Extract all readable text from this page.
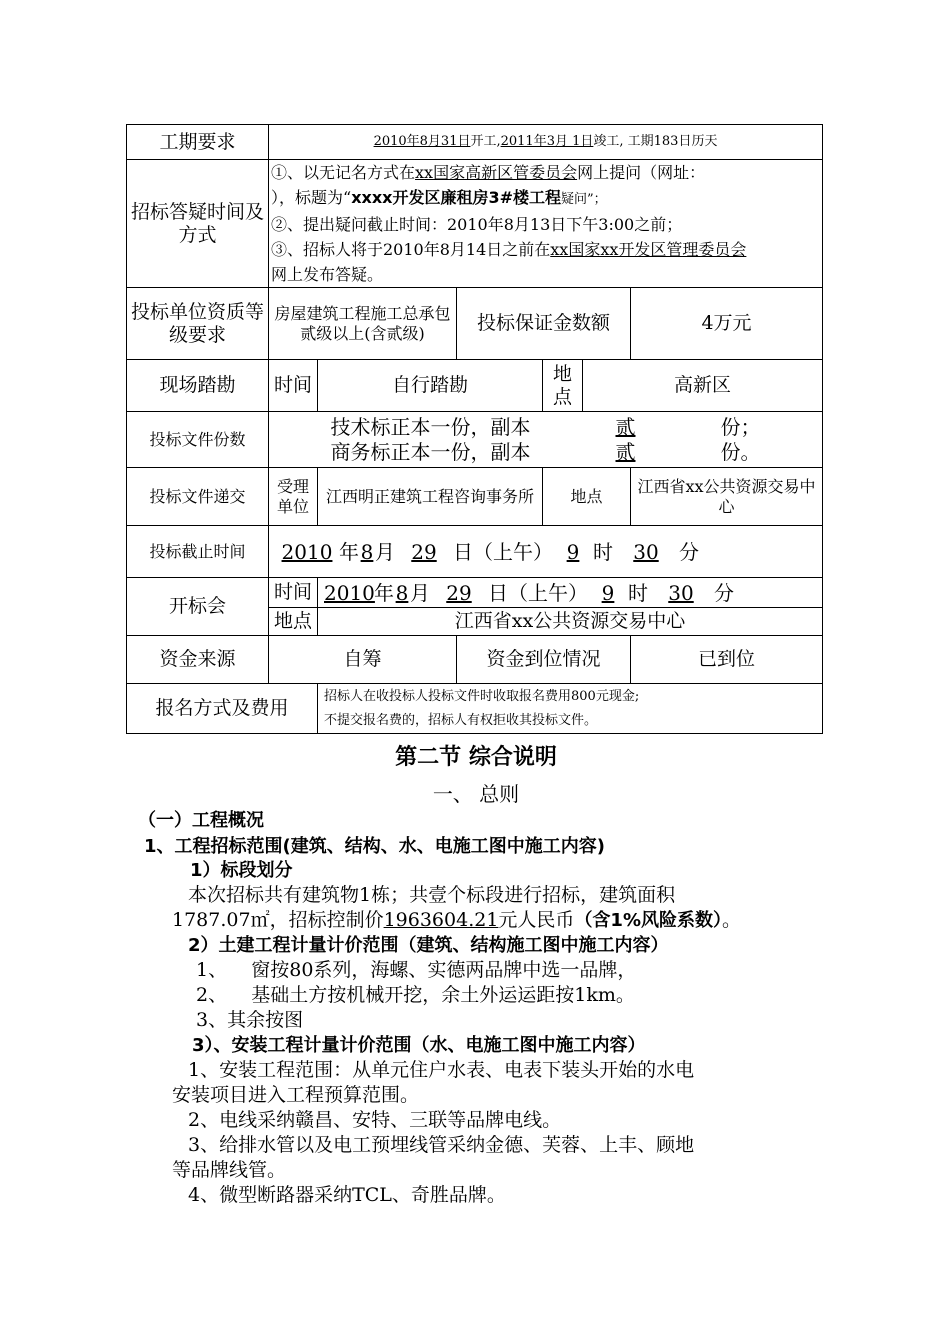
工期要求	2010年8月31日开工,2011年3月 1日竣工, 工期183日历天					
招标答疑时间及方式	①、以无记名方式在xx国家高新区管委员会网上提问（网址：
），标题为“xxxx开发区廉租房3#楼工程疑问”；
②、提出疑问截止时间：2010年8月13日下午3:00之前；
③、招标人将于2010年8月14日之前在xx国家xx开发区管理委员会
网上发布答疑。					

投标单位资质等级要求	房屋建筑工程施工总承包贰级以上(含贰级)		投标保证金数额			4万元
现场踏勘	时间	自行踏勘		地点	高新区	
投标文件份数	技术标正本一份，副本 贰 份；
商务标正本一份，副本 贰 份。					

投标文件递交	受理单位	江西明正建筑工程咨询事务所		地点		江西省xx公共资源交易中心
投标截止时间	2010 年8月 29 日（上午） 9 时 30 分					
开标会	时间	2010年8月 29 日（上午） 9 时 30 分				
	地点	江西省xx公共资源交易中心				
资金来源	自筹		资金到位情况			已到位
报名方式及费用		招标人在收投标人投标文件时收取报名费用800元现金;
不提交报名费的，招标人有权拒收其投标文件。				
第二节 综合说明
一、 总则
（一）工程概况
1、工程招标范围(建筑、结构、水、电施工图中施工内容)
1）标段划分
本次招标共有建筑物1栋；共壹个标段进行招标，建筑面积
1787.07㎡，招标控制价1963604.21元人民币（含1%风险系数）。
2）土建工程计量计价范围（建筑、结构施工图中施工内容）
1、    窗按80系列，海螺、实德两品牌中选一品牌，
2、    基础土方按机械开挖，余土外运运距按1km。
3、其余按图
3）、安装工程计量计价范围（水、电施工图中施工内容）
1、安装工程范围：从单元住户水表、电表下装头开始的水电
安装项目进入工程预算范围。
2、电线采纳赣昌、安特、三联等品牌电线。
3、给排水管以及电工预埋线管采纳金德、芙蓉、上丰、顾地
等品牌线管。
4、微型断路器采纳TCL、奇胜品牌。
